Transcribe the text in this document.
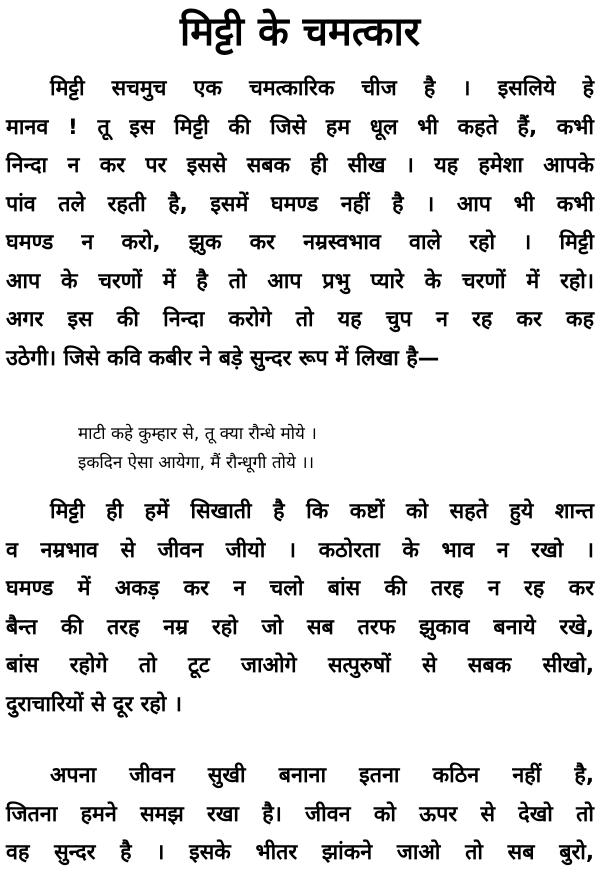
मिट्टी के चमत्कार
मिट्टी सचमुच एक चमत्कारिक चीज है । इसलिये हे
मानव ! तू इस मिट्टी की जिसे हम धूल भी कहते हैं, कभी
निन्दा न कर पर इससे सबक ही सीख । यह हमेशा आपके
पांव तले रहती है, इसमें घमण्ड नहीं है । आप भी कभी
घमण्ड न करो, झुक कर नम्रस्वभाव वाले रहो । मिट्टी
आप के चरणों में है तो आप प्रभु प्यारे के चरणों में रहो।
अगर इस की निन्दा करोगे तो यह चुप न रह कर कह
उठेगी। जिसे कवि कबीर ने बड़े सुन्दर रूप में लिखा है—
माटी कहे कुम्हार से, तू क्या रौन्धे मोये ।
इकदिन ऐसा आयेगा, मैं रौन्धूगी तोये ।।
मिट्टी ही हमें सिखाती है कि कष्टों को सहते हुये शान्त
व नम्रभाव से जीवन जीयो । कठोरता के भाव न रखो ।
घमण्ड में अकड़ कर न चलो बांस की तरह न रह कर
बैन्त की तरह नम्र रहो जो सब तरफ झुकाव बनाये रखे,
बांस रहोगे तो टूट जाओगे सत्पुरुषों से सबक सीखो,
दुराचारियों से दूर रहो ।
अपना जीवन सुखी बनाना इतना कठिन नहीं है,
जितना हमने समझ रखा है। जीवन को ऊपर से देखो तो
वह सुन्दर है । इसके भीतर झांकने जाओ तो सब बुरो,
